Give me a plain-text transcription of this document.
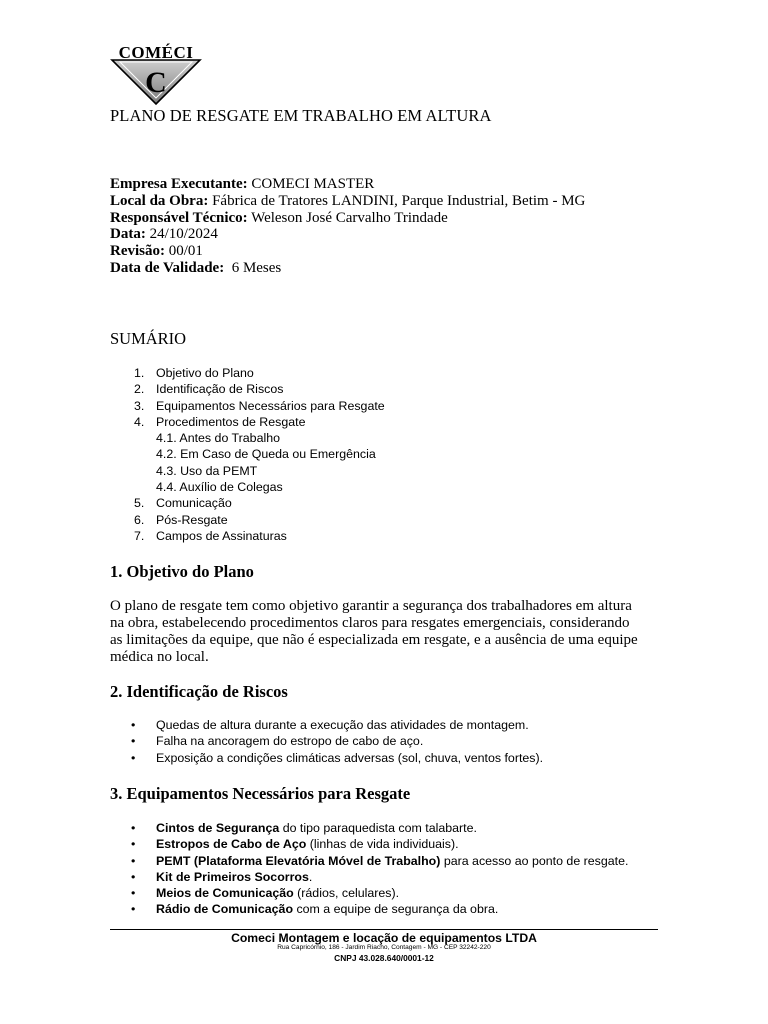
COMÉCI
C
PLANO DE RESGATE EM TRABALHO EM ALTURA
Empresa Executante: COMECI MASTER
Local da Obra: Fábrica de Tratores LANDINI, Parque Industrial, Betim - MG
Responsável Técnico: Weleson José Carvalho Trindade
Data: 24/10/2024
Revisão: 00/01
Data de Validade:  6 Meses
SUMÁRIO
1. Objetivo do Plano
2. Identificação de Riscos
3. Equipamentos Necessários para Resgate
4. Procedimentos de Resgate
4.1. Antes do Trabalho
4.2. Em Caso de Queda ou Emergência
4.3. Uso da PEMT
4.4. Auxílio de Colegas
5. Comunicação
6. Pós-Resgate
7. Campos de Assinaturas
1. Objetivo do Plano
O plano de resgate tem como objetivo garantir a segurança dos trabalhadores em altura
na obra, estabelecendo procedimentos claros para resgates emergenciais, considerando
as limitações da equipe, que não é especializada em resgate, e a ausência de uma equipe
médica no local.
2. Identificação de Riscos
• Quedas de altura durante a execução das atividades de montagem.
• Falha na ancoragem do estropo de cabo de aço.
• Exposição a condições climáticas adversas (sol, chuva, ventos fortes).
3. Equipamentos Necessários para Resgate
• Cintos de Segurança do tipo paraquedista com talabarte.
• Estropos de Cabo de Aço (linhas de vida individuais).
• PEMT (Plataforma Elevatória Móvel de Trabalho) para acesso ao ponto de resgate.
• Kit de Primeiros Socorros.
• Meios de Comunicação (rádios, celulares).
• Rádio de Comunicação com a equipe de segurança da obra.
Comeci Montagem e locação de equipamentos LTDA
Rua Capricórnio, 186 - Jardim Riacho, Contagem - MG - CEP 32242-220
CNPJ 43.028.640/0001-12
